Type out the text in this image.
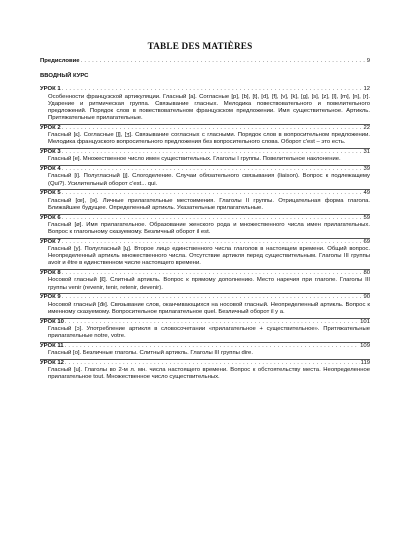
TABLE DES MATIÈRES
Предисловие . . .	9
ВВОДНЫЙ КУРС
УРОК 1 . . .	12
Особенности французской артикуляции. Гласный [a]. Согласные [p], [b], [t], [d], [f], [v], [k], [g], [s], [z], [l], [m], [n], [r]. Ударение и ритмическая группа. Связывание гласных. Мелодика повествовательного и повелительного предложений. Порядок слов в повествовательном французском предложении. Имя существительное. Артикль. Притяжательные прилагательные.
УРОК 2 . . .	22
Гласный [ɛ]. Согласные [ʃ], [ʒ]. Связывание согласных с гласными. Порядок слов в вопросительном предложении. Мелодика французского вопросительного предложения без вопросительного слова. Оборот c'est – это есть.
УРОК 3 . . .	31
Гласный [e]. Множественное число имен существительных. Глаголы I группы. Повелительное наклонение.
УРОК 4 . . .	39
Гласный [i]. Полугласный [j]. Слогоделение. Случаи обязательного связывания (liaison). Вопрос к подлежащему (Qui?). Усилительный оборот c'est... qui.
УРОК 5 . . .	49
Гласный [œ], [ə]. Личные прилагательные местоимения. Глаголы II группы. Отрицательная форма глагола. Ближайшее будущее. Определенный артикль. Указательные прилагательные.
УРОК 6 . . .	59
Гласный [ø]. Имя прилагательное. Образование женского рода и множественного числа имен прилагательных. Вопрос к глагольному сказуемому. Безличный оборот il est.
УРОК 7 . . .	69
Гласный [y]. Полугласный [ɥ]. Второе лицо единственного числа глаголов в настоящем времени. Общий вопрос. Неопределенный артикль множественного числа. Отсутствие артикля перед существительным. Глаголы III группы avoir и être в единственном числе настоящего времени.
УРОК 8 . . .	80
Носовой гласный [ɛ̃]. Слитный артикль. Вопрос к прямому дополнению. Место наречия при глаголе. Глаголы III группы venir (revenir, tenir, retenir, devenir).
УРОК 9 . . .	90
Носовой гласный [œ̃]. Связывание слов, оканчивающихся на носовой гласный. Неопределенный артикль. Вопрос к именному сказуемому. Вопросительное прилагательное quel. Безличный оборот il y a.
УРОК 10 . . .	101
Гласный [ɔ]. Употребление артикля в словосочетании «прилагательное + существительное». Притяжательные прилагательные notre, votre.
УРОК 11 . . .	109
Гласный [o]. Безличные глаголы. Слитный артикль. Глаголы III группы dire.
УРОК 12 . . .	119
Гласный [u]. Глаголы во 2-м л. мн. числа настоящего времени. Вопрос к обстоятельству места. Неопределенное прилагательное tout. Множественное число существительных.
